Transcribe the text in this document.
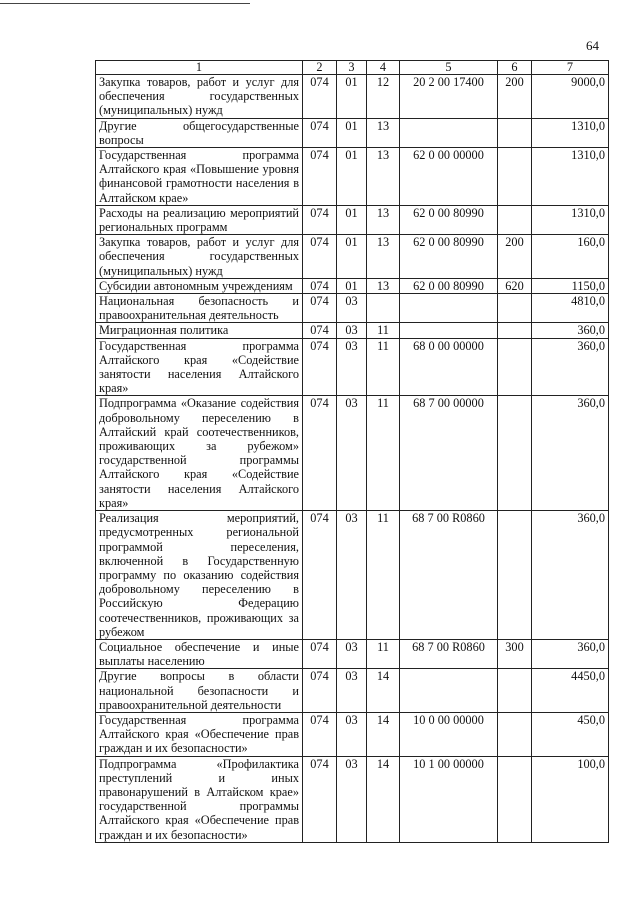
64
1	2	3	4	5	6	7
Закупка товаров, работ и услуг для обеспечения государственных (муниципальных) нужд	074	01	12	20 2 00 17400	200	9000,0
Другие общегосударственные вопросы	074	01	13			1310,0
Государственная программа Алтайского края «Повышение уровня финансовой грамотности населения в Алтайском крае»	074	01	13	62 0 00 00000		1310,0
Расходы на реализацию мероприятий региональных программ	074	01	13	62 0 00 80990		1310,0
Закупка товаров, работ и услуг для обеспечения государственных (муниципальных) нужд	074	01	13	62 0 00 80990	200	160,0
Субсидии автономным учреждениям	074	01	13	62 0 00 80990	620	1150,0
Национальная безопасность и правоохранительная деятельность	074	03				4810,0
Миграционная политика	074	03	11			360,0
Государственная программа Алтайского края «Содействие занятости населения Алтайского края»	074	03	11	68 0 00 00000		360,0
Подпрограмма «Оказание содействия добровольному переселению в Алтайский край соотечественников, проживающих за рубежом» государственной программы Алтайского края «Содействие занятости населения Алтайского края»	074	03	11	68 7 00 00000		360,0
Реализация мероприятий, предусмотренных региональной программой переселения, включенной в Государственную программу по оказанию содействия добровольному переселению в Российскую Федерацию соотечественников, проживающих за рубежом	074	03	11	68 7 00 R0860		360,0
Социальное обеспечение и иные выплаты населению	074	03	11	68 7 00 R0860	300	360,0
Другие вопросы в области национальной безопасности и правоохранительной деятельности	074	03	14			4450,0
Государственная программа Алтайского края «Обеспечение прав граждан и их безопасности»	074	03	14	10 0 00 00000		450,0
Подпрограмма «Профилактика преступлений и иных правонарушений в Алтайском крае» государственной программы Алтайского края «Обеспечение прав граждан и их безопасности»	074	03	14	10 1 00 00000		100,0
